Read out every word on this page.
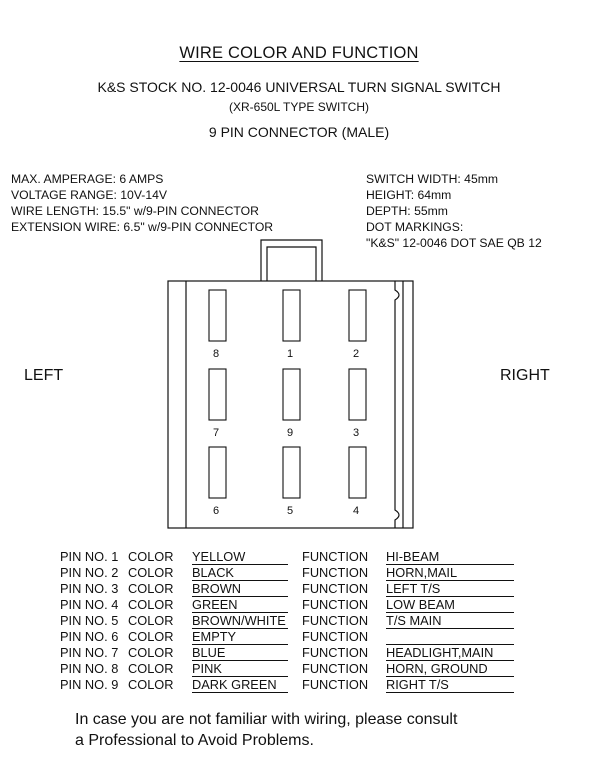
WIRE COLOR AND FUNCTION
K&S STOCK NO. 12-0046 UNIVERSAL TURN SIGNAL SWITCH
(XR-650L TYPE SWITCH)
9 PIN CONNECTOR (MALE)
MAX. AMPERAGE: 6 AMPS
VOLTAGE RANGE: 10V-14V
WIRE LENGTH: 15.5" w/9-PIN CONNECTOR
EXTENSION WIRE: 6.5" w/9-PIN CONNECTOR
SWITCH WIDTH: 45mm
HEIGHT: 64mm
DEPTH: 55mm
DOT MARKINGS:
"K&S" 12-0046 DOT SAE QB 12
LEFT	RIGHT
8	1	2
7	9	3
6	5	4
PIN NO. 1 COLOR YELLOW	FUNCTION HI-BEAM
PIN NO. 2 COLOR BLACK	FUNCTION HORN,MAIL
PIN NO. 3 COLOR BROWN	FUNCTION LEFT T/S
PIN NO. 4 COLOR GREEN	FUNCTION LOW BEAM
PIN NO. 5 COLOR BROWN/WHITE FUNCTION T/S MAIN
PIN NO. 6 COLOR EMPTY	FUNCTION
PIN NO. 7 COLOR BLUE	FUNCTION HEADLIGHT,MAIN
PIN NO. 8 COLOR PINK	FUNCTION HORN, GROUND
PIN NO. 9 COLOR DARK GREEN	FUNCTION RIGHT T/S
In case you are not familiar with wiring, please consult
a Professional to Avoid Problems.
